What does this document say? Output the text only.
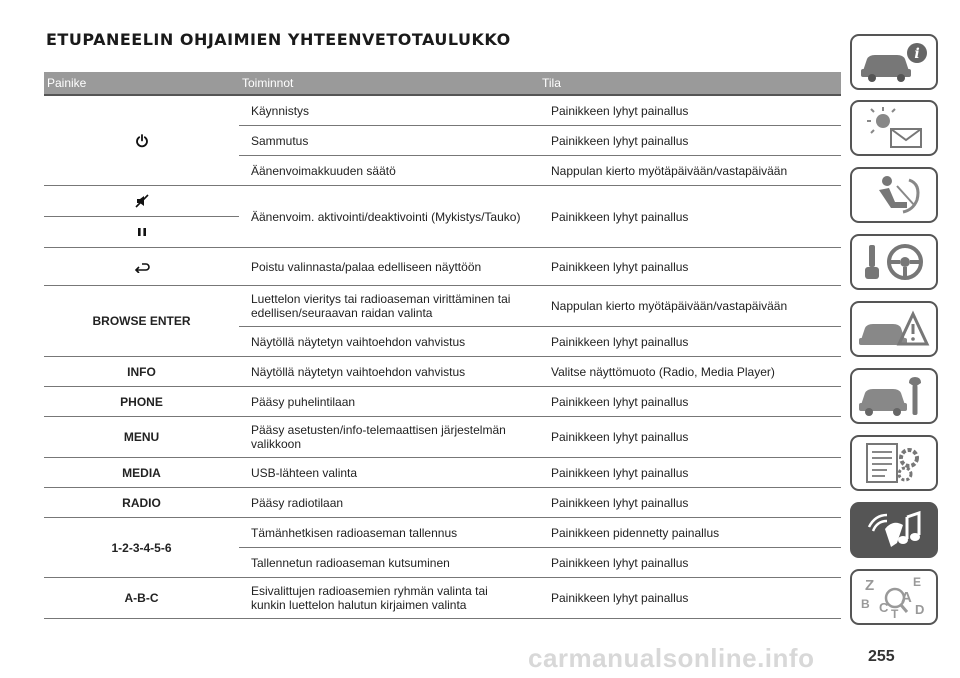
ETUPANEELIN OHJAIMIEN YHTEENVETOTAULUKKO
Painike	Toiminnot	Tila
	Käynnistys	Painikkeen lyhyt painallus
	Sammutus	Painikkeen lyhyt painallus
	Äänenvoimakkuuden säätö	Nappulan kierto myötäpäivään/vastapäivään

	Äänenvoim. aktivointi/deaktivointi (Mykistys/Tauko)	Painikkeen lyhyt painallus
	Poistu valinnasta/palaa edelliseen näyttöön	Painikkeen lyhyt painallus
BROWSE ENTER	Luettelon vieritys tai radioaseman virittäminen tai edellisen/seuraavan raidan valinta	Nappulan kierto myötäpäivään/vastapäivään
	Näytöllä näytetyn vaihtoehdon vahvistus	Painikkeen lyhyt painallus
INFO	Näytöllä näytetyn vaihtoehdon vahvistus	Valitse näyttömuoto (Radio, Media Player)
PHONE	Pääsy puhelintilaan	Painikkeen lyhyt painallus
MENU	Pääsy asetusten/info-telemaattisen järjestelmän valikkoon	Painikkeen lyhyt painallus
MEDIA	USB-lähteen valinta	Painikkeen lyhyt painallus
RADIO	Pääsy radiotilaan	Painikkeen lyhyt painallus
1-2-3-4-5-6	Tämänhetkisen radioaseman tallennus	Painikkeen pidennetty painallus
	Tallennetun radioaseman kutsuminen	Painikkeen lyhyt painallus
A-B-C	Esivalittujen radioasemien ryhmän valinta tai kunkin luettelon halutun kirjaimen valinta	Painikkeen lyhyt painallus
i
Z	E
A
B C T D
carmanualsonline.info	255
